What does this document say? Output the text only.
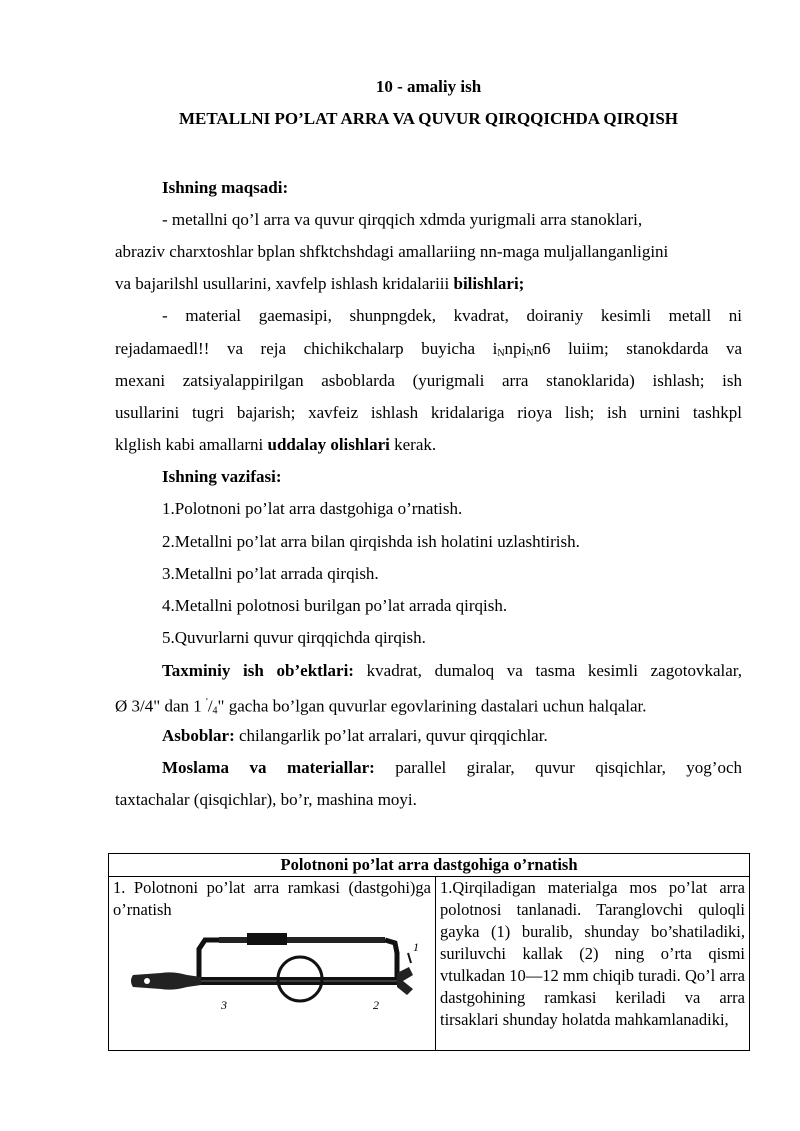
10 - amaliy ish
METALLNI PO’LAT ARRA VA QUVUR QIRQQICHDA QIRQISH
Ishning maqsadi:
- metallni qo’l arra va quvur qirqqich xdmda yurigmali arra stanoklari,
abraziv charxtoshlar bplan shfktchshdagi amallariing nn-maga muljallanganligini
va bajarilshl usullarini, xavfelp ishlash kridalariii bilishlari;
- material gaemasipi, shunpngdek, kvadrat, doiraniy kesimli metall ni
rejadamaedl!! va reja chichikchalarp buyicha $i_Nnpi_Nn6$ luiim; stanokdarda va
mexani zatsiyalappirilgan asboblarda (yurigmali arra stanoklarida) ishlash; ish
usullarini tugri bajarish; xavfeiz ishlash kridalariga rioya lish; ish urnini tashkpl
klglish kabi amallarni uddalay olishlari kerak.
Ishning vazifasi:
1.Polotnoni po’lat arra dastgohiga o’rnatish.
2.Metallni po’lat arra bilan qirqishda ish holatini uzlashtirish.
3.Metallni po’lat arrada qirqish.
4.Metallni polotnosi burilgan po’lat arrada qirqish.
5.Quvurlarni quvur qirqqichda qirqish.
Taxminiy ish ob’ektlari: kvadrat, dumaloq va tasma kesimli zagotovkalar,
Ø 3/4" dan 1 $'/_4$" gacha bo’lgan quvurlar egovlarining dastalari uchun halqalar.
Asboblar: chilangarlik po’lat arralari, quvur qirqqichlar.
Moslama va materiallar: parallel giralar, quvur qisqichlar, yog’och
taxtachalar (qisqichlar), bo’r, mashina moyi.
Polotnoni po’lat arra dastgohiga o’rnatish

1. Polotnoni po’lat arra ramkasi (dastgohi)ga o’rnatish
3	2
1

1.Qirqiladigan materialga mos po’lat arra polotnosi tanlanadi. Taranglovchi quloqli gayka (1) buralib, shunday bo’shatiladiki, suriluvchi kallak (2) ning o’rta qismi vtulkadan 10—12 mm chiqib turadi. Qo’l arra dastgohining ramkasi keriladi va arra tirsaklari shunday holatda mahkamlanadiki,
